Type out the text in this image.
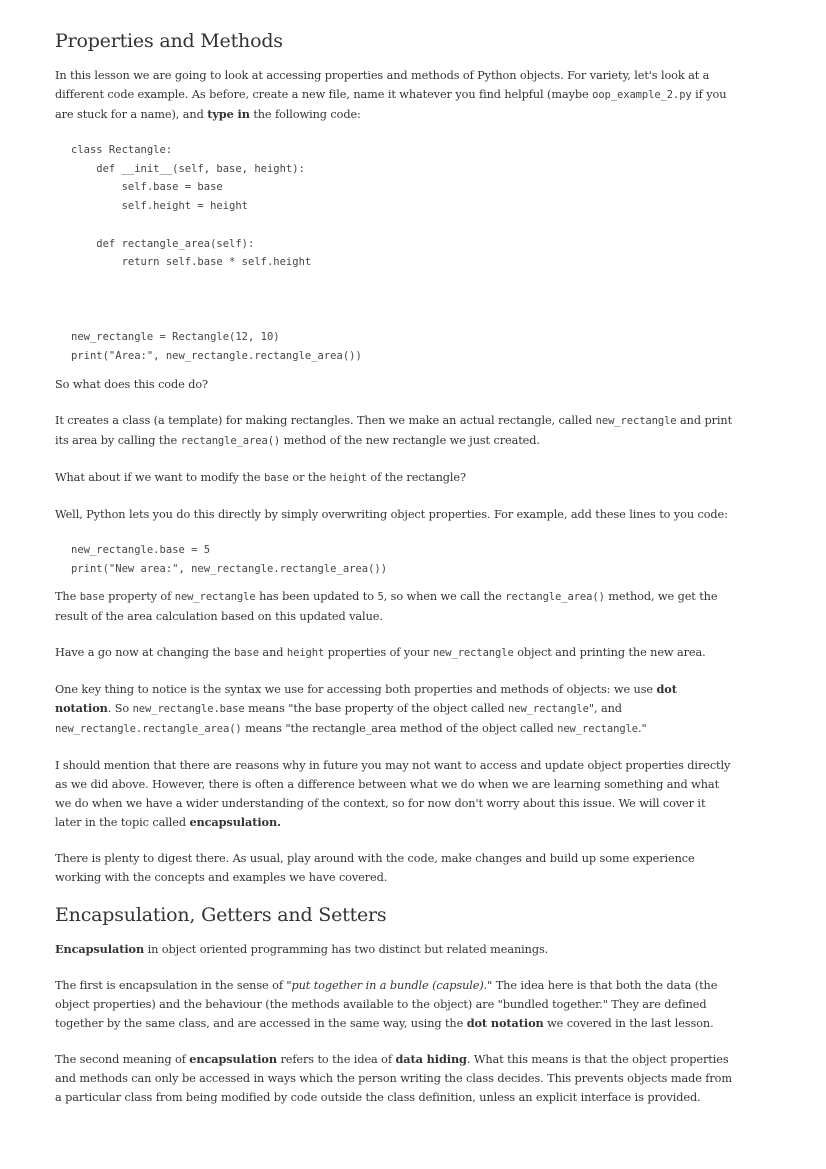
Properties and Methods

In this lesson we are going to look at accessing properties and methods of Python objects. For variety, let's look at a different code example. As before, create a new file, name it whatever you find helpful (maybe oop_example_2.py if you are stuck for a name), and type in the following code:

class Rectangle:
def __init__(self, base, height):
self.base = base
self.height = height

def rectangle_area(self):
return self.base * self.height

new_rectangle = Rectangle(12, 10)
print("Area:", new_rectangle.rectangle_area())

So what does this code do?

It creates a class (a template) for making rectangles. Then we make an actual rectangle, called new_rectangle and print its area by calling the rectangle_area() method of the new rectangle we just created.

What about if we want to modify the base or the height of the rectangle?

Well, Python lets you do this directly by simply overwriting object properties. For example, add these lines to you code:

new_rectangle.base = 5
print("New area:", new_rectangle.rectangle_area())

The base property of new_rectangle has been updated to 5, so when we call the rectangle_area() method, we get the result of the area calculation based on this updated value.

Have a go now at changing the base and height properties of your new_rectangle object and printing the new area.

One key thing to notice is the syntax we use for accessing both properties and methods of objects: we use dot notation. So new_rectangle.base means "the base property of the object called new_rectangle", and new_rectangle.rectangle_area() means "the rectangle_area method of the object called new_rectangle."

I should mention that there are reasons why in future you may not want to access and update object properties directly as we did above. However, there is often a difference between what we do when we are learning something and what we do when we have a wider understanding of the context, so for now don't worry about this issue. We will cover it later in the topic called encapsulation.

There is plenty to digest there. As usual, play around with the code, make changes and build up some experience working with the concepts and examples we have covered.

Encapsulation, Getters and Setters

Encapsulation in object oriented programming has two distinct but related meanings.

The first is encapsulation in the sense of "put together in a bundle (capsule)." The idea here is that both the data (the object properties) and the behaviour (the methods available to the object) are "bundled together." They are defined together by the same class, and are accessed in the same way, using the dot notation we covered in the last lesson.

The second meaning of encapsulation refers to the idea of data hiding. What this means is that the object properties and methods can only be accessed in ways which the person writing the class decides. This prevents objects made from a particular class from being modified by code outside the class definition, unless an explicit interface is provided.
